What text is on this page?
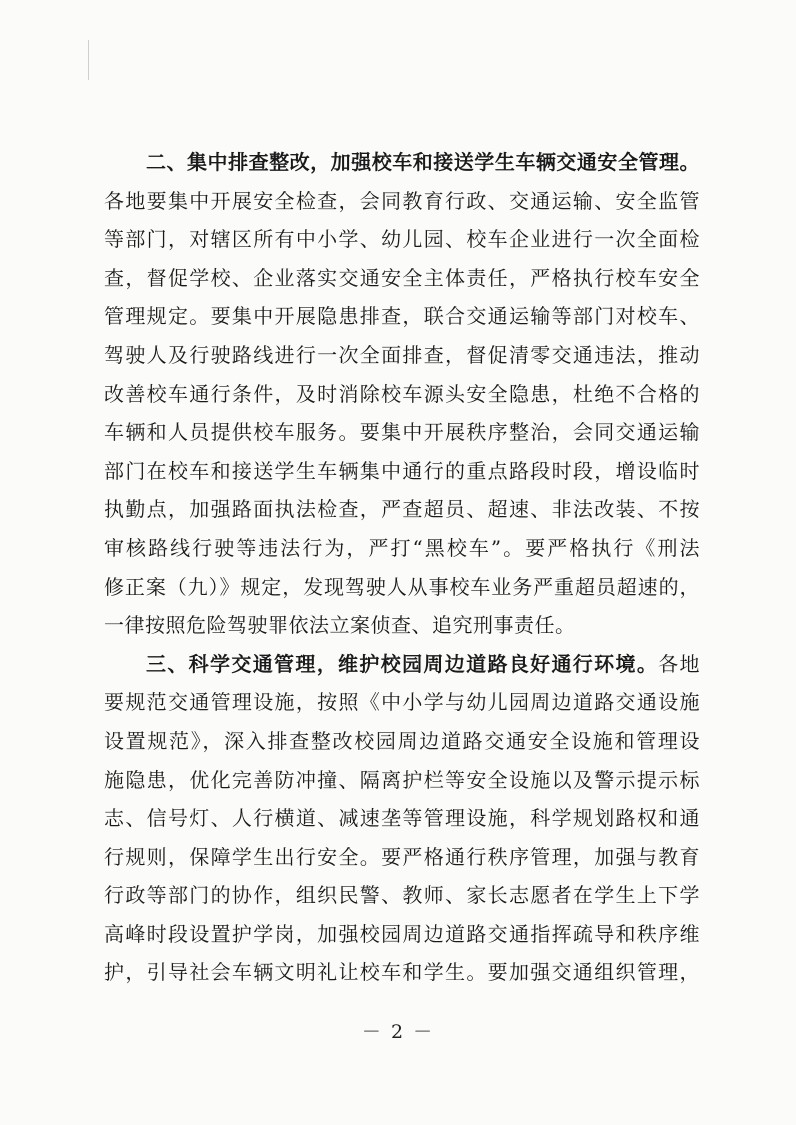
二、集中排查整改，加强校车和接送学生车辆交通安全管理。
各地要集中开展安全检查，会同教育行政、交通运输、安全监管
等部门，对辖区所有中小学、幼儿园、校车企业进行一次全面检
查，督促学校、企业落实交通安全主体责任，严格执行校车安全
管理规定。要集中开展隐患排查，联合交通运输等部门对校车、
驾驶人及行驶路线进行一次全面排查，督促清零交通违法，推动
改善校车通行条件，及时消除校车源头安全隐患，杜绝不合格的
车辆和人员提供校车服务。要集中开展秩序整治，会同交通运输
部门在校车和接送学生车辆集中通行的重点路段时段，增设临时
执勤点，加强路面执法检查，严查超员、超速、非法改装、不按
审核路线行驶等违法行为，严打“黑校车”。要严格执行《刑法
修正案（九）》规定，发现驾驶人从事校车业务严重超员超速的，
一律按照危险驾驶罪依法立案侦查、追究刑事责任。
三、科学交通管理，维护校园周边道路良好通行环境。各地
要规范交通管理设施，按照《中小学与幼儿园周边道路交通设施
设置规范》，深入排查整改校园周边道路交通安全设施和管理设
施隐患，优化完善防冲撞、隔离护栏等安全设施以及警示提示标
志、信号灯、人行横道、减速垄等管理设施，科学规划路权和通
行规则，保障学生出行安全。要严格通行秩序管理，加强与教育
行政等部门的协作，组织民警、教师、家长志愿者在学生上下学
高峰时段设置护学岗，加强校园周边道路交通指挥疏导和秩序维
护，引导社会车辆文明礼让校车和学生。要加强交通组织管理，
－ 2 －
